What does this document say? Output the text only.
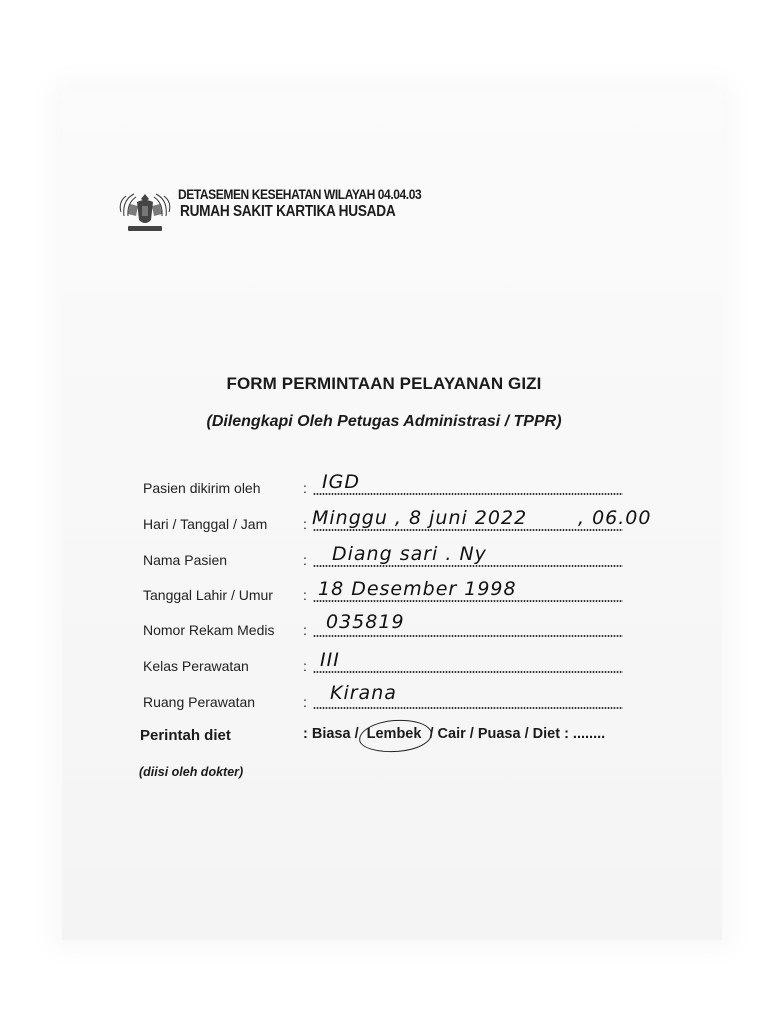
DETASEMEN KESEHATAN WILAYAH 04.04.03
RUMAH SAKIT KARTIKA HUSADA
FORM PERMINTAAN PELAYANAN GIZI
(Dilengkapi Oleh Petugas Administrasi / TPPR)
Pasien dikirim oleh	: IGD
Hari / Tanggal / Jam	: Minggu , 8 juni 2022	, 06.00
Nama Pasien	: Diang sari . Ny
Tanggal Lahir / Umur : 18 Desember 1998
Nomor Rekam Medis : 035819
Kelas Perawatan	: III
Ruang Perawatan	: Kirana
Perintah diet	: Biasa / Lembek / Cair / Puasa / Diet : ........
(diisi oleh dokter)
